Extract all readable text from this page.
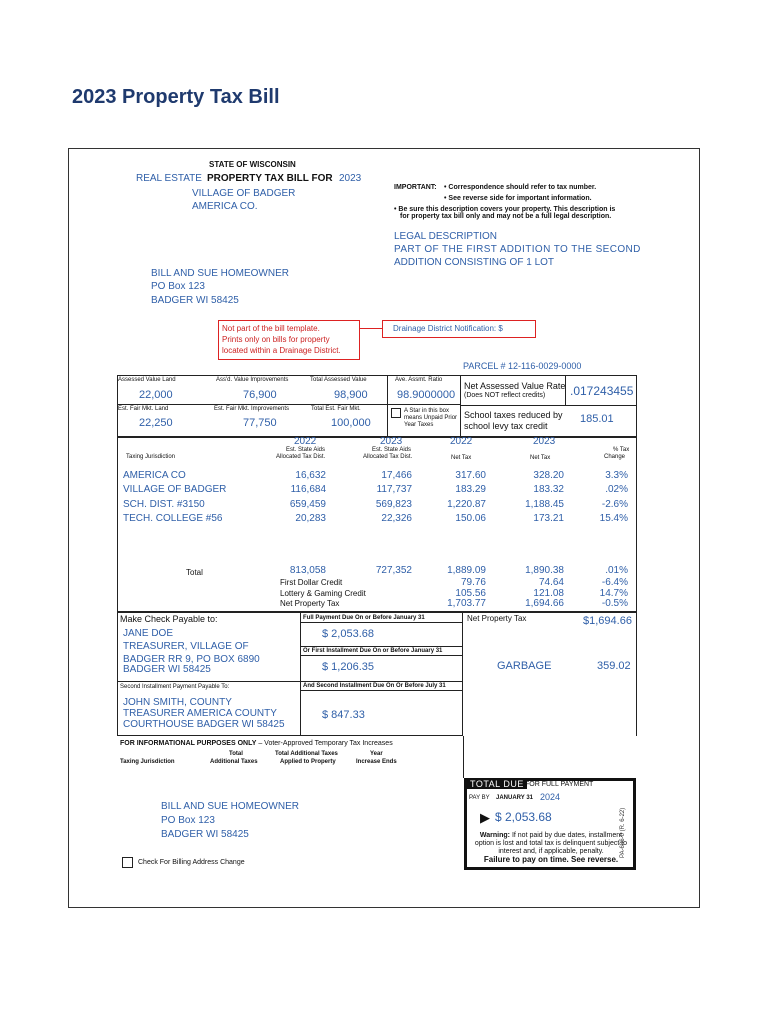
2023 Property Tax Bill
STATE OF WISCONSIN
REAL ESTATE PROPERTY TAX BILL FOR 2023
VILLAGE OF BADGER
AMERICA CO.
IMPORTANT: • Correspondence should refer to tax number.
• See reverse side for important information.
• Be sure this description covers your property. This description is
for property tax bill only and may not be a full legal description.
LEGAL DESCRIPTION
PART OF THE FIRST ADDITION TO THE SECOND
ADDITION CONSISTING OF 1 LOT
BILL AND SUE HOMEOWNER
PO Box 123
BADGER WI 58425
Not part of the bill template.
Prints only on bills for property
located within a Drainage District.
Drainage District Notification: $
PARCEL # 12-116-0029-0000
Assessed Value Land	Ass'd. Value Improvements	Total Assessed Value	Ave. Assmt. Ratio
22,000	76,900	98,900	98.9000000
Net Assessed Value Rate
(Does NOT reflect credits) .017243455
Est. Fair Mkt. Land	Est. Fair Mkt. Improvements	Total Est. Fair Mkt.
22,250	77,750	100,000
A Star in this box
means Unpaid Prior
Year Taxes
School taxes reduced by
school levy tax credit
185.01
2022	2023	2022	2023
Est. State Aids
Allocated Tax Dist.
Est. State Aids
Allocated Tax Dist.
Taxing Jurisdiction	Net Tax	Net Tax
% Tax
Change
AMERICA CO	16,632	17,466	317.60	328.20	3.3%
VILLAGE OF BADGER	116,684	117,737	183.29	183.32	.02%
SCH. DIST. #3150	659,459	569,823	1,220.87	1,188.45	-2.6%
TECH. COLLEGE #56	20,283	22,326	150.06	173.21	15.4%
Total	813,058	727,352	1,889.09	1,890.38	.01%
First Dollar Credit	79.76	74.64	-6.4%
Lottery & Gaming Credit	105.56	121.08	14.7%
Net Property Tax	1,703.77	1,694.66	-0.5%
Make Check Payable to:
JANE DOE
TREASURER, VILLAGE OF
BADGER RR 9, PO BOX 6890
BADGER WI 58425
Full Payment Due On or Before January 31
$ 2,053.68
Or First Installment Due On or Before January 31
$ 1,206.35
Second Installment Payment Payable To:	And Second Installment Due On Or Before July 31
JOHN SMITH, COUNTY
TREASURER AMERICA COUNTY
COURTHOUSE BADGER WI 58425
$ 847.33
Net Property Tax	$1,694.66
GARBAGE	359.02
FOR INFORMATIONAL PURPOSES ONLY – Voter-Approved Temporary Tax Increases
Taxing Jurisdiction
Total
Additional Taxes
Total Additional Taxes
Applied to Property
Year
Increase Ends
TOTAL DUE FOR FULL PAYMENT
PAY BY JANUARY 31 2024
▶ $ 2,053.68
Warning: If not paid by due dates, installment
option is lost and total tax is delinquent subject to
interest and, if applicable, penalty.
Failure to pay on time. See reverse.
BILL AND SUE HOMEOWNER
PO Box 123
BADGER WI 58425
Check For Billing Address Change
PA-686-0 (R. 6-22)
